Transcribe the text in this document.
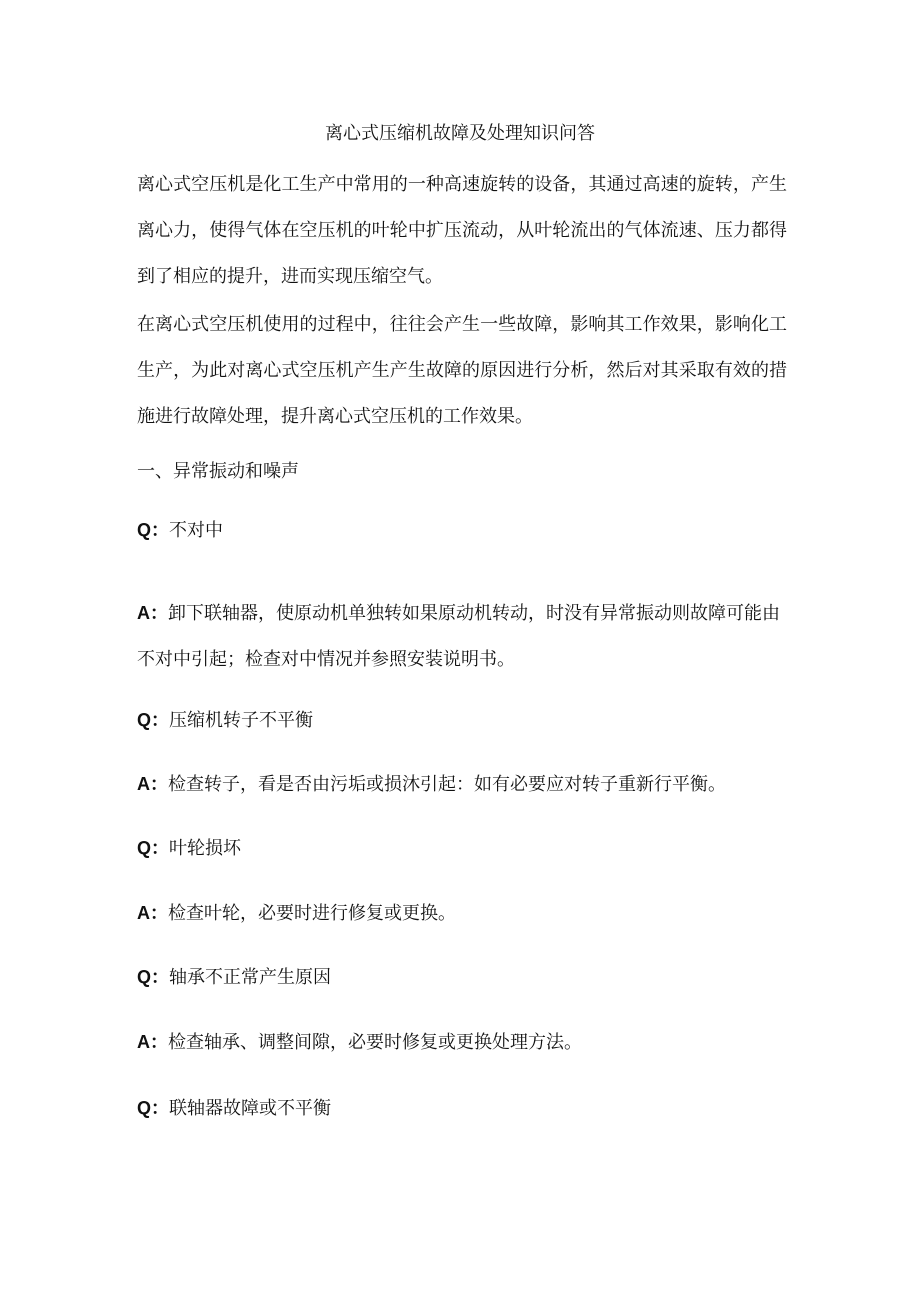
离心式压缩机故障及处理知识问答
离心式空压机是化工生产中常用的一种高速旋转的设备，其通过高速的旋转，产生离心力，使得气体在空压机的叶轮中扩压流动，从叶轮流出的气体流速、压力都得到了相应的提升，进而实现压缩空气。
在离心式空压机使用的过程中，往往会产生一些故障，影响其工作效果，影响化工生产，为此对离心式空压机产生产生故障的原因进行分析，然后对其采取有效的措施进行故障处理，提升离心式空压机的工作效果。
一、异常振动和噪声
Q：不对中
A：卸下联轴器，使原动机单独转如果原动机转动，时没有异常振动则故障可能由不对中引起；检查对中情况并参照安装说明书。
Q：压缩机转子不平衡
A：检查转子，看是否由污垢或损沐引起：如有必要应对转子重新行平衡。
Q：叶轮损坏
A：检查叶轮，必要时进行修复或更换。
Q：轴承不正常产生原因
A：检查轴承、调整间隙，必要时修复或更换处理方法。
Q：联轴器故障或不平衡
